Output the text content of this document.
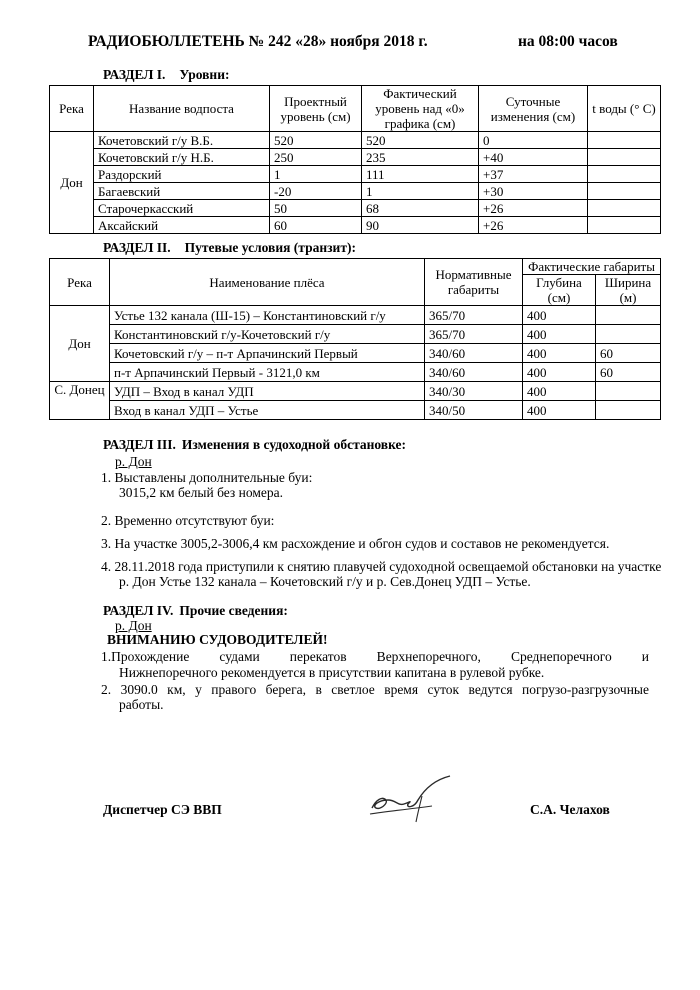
РАДИОБЮЛЛЕТЕНЬ № 242 «28» ноября 2018 г.	на 08:00 часов
РАЗДЕЛ I. Уровни:
Река	Название водпоста	Проектный уровень (см)	Фактический уровень над «0» графика (см)	Суточные изменения (см)	t воды (° С)
Дон	Кочетовский г/у В.Б.	520	520	0	
	Кочетовский г/у Н.Б.	250	235	+40	
	Раздорский	1	111	+37	
	Багаевский	-20	1	+30	
	Старочеркасский	50	68	+26	
	Аксайский	60	90	+26	
РАЗДЕЛ II. Путевые условия (транзит):
Река	Наименование плёса	Нормативные габариты	Фактические габариты	
			Глубина (см)	Ширина (м)
Дон	Устье 132 канала (Ш-15) – Константиновский г/у	365/70	400	
	Константиновский г/у-Кочетовский г/у	365/70	400	
	Кочетовский г/у – п-т Арпачинский Первый	340/60	400	60
	п-т Арпачинский Первый - 3121,0 км	340/60	400	60
С. Донец	УДП – Вход в канал УДП	340/30	400	
	Вход в канал УДП – Устье	340/50	400	
РАЗДЕЛ III. Изменения в судоходной обстановке:
р. Дон
1. Выставлены дополнительные буи:
3015,2 км белый без номера.
2. Временно отсутствуют буи:
3. На участке 3005,2-3006,4 км расхождение и обгон судов и составов не рекомендуется.
4. 28.11.2018 года приступили к снятию плавучей судоходной освещаемой обстановки на участке
р. Дон Устье 132 канала – Кочетовский г/у и р. Сев.Донец УДП – Устье.
РАЗДЕЛ IV. Прочие сведения:
р. Дон
ВНИМАНИЮ СУДОВОДИТЕЛЕЙ!
1.Прохождение судами перекатов Верхнепоречного, Среднепоречного и
Нижнепоречного рекомендуется в присутствии капитана в рулевой рубке.
2. 3090.0 км, у правого берега, в светлое время суток ведутся погрузо-разгрузочные
работы.
Диспетчер СЭ ВВП	С.А. Челахов
